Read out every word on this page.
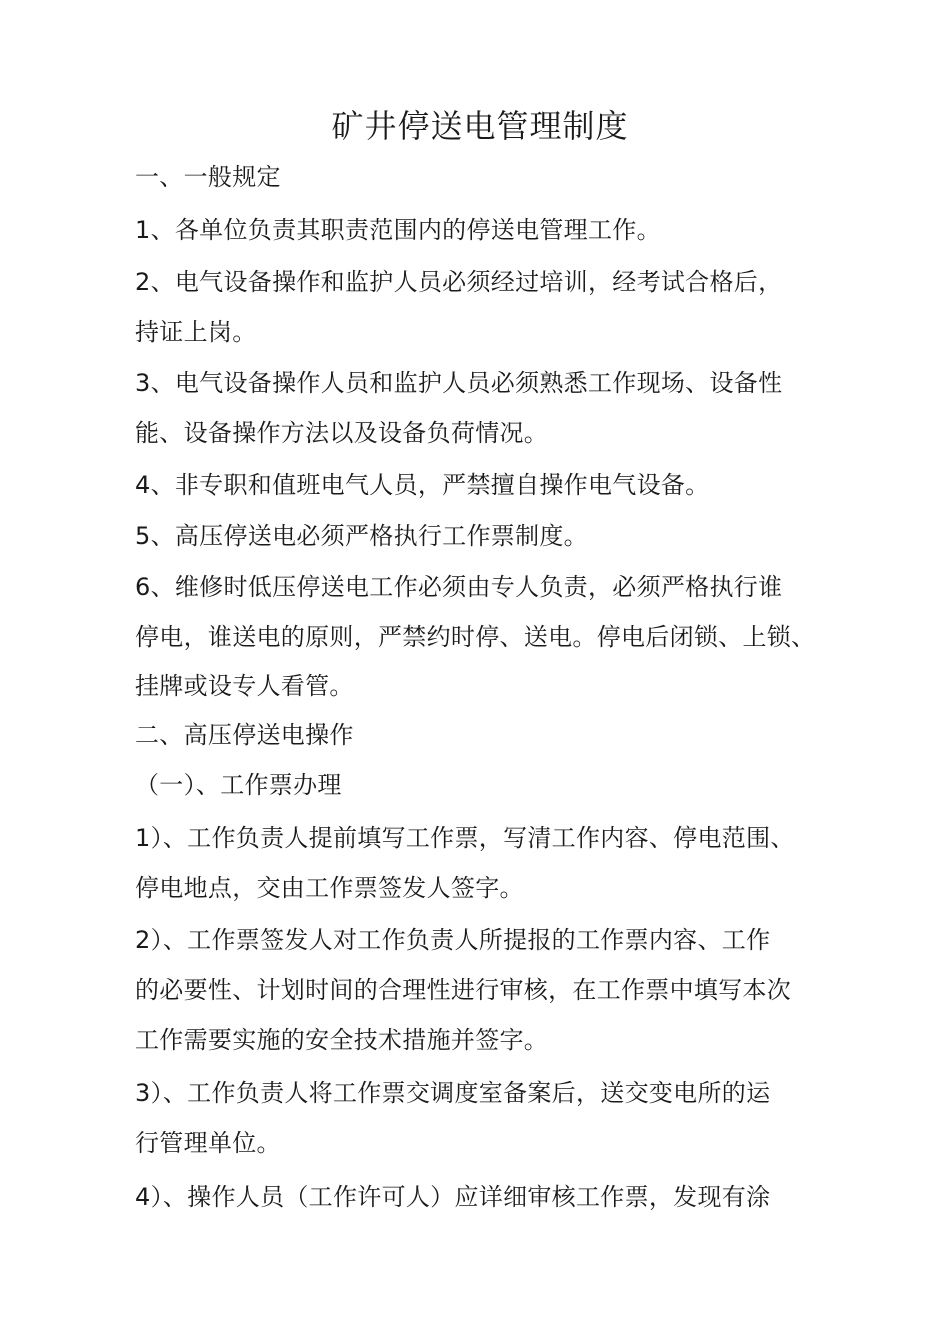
矿井停送电管理制度
一、一般规定
1、各单位负责其职责范围内的停送电管理工作。
2、电气设备操作和监护人员必须经过培训，经考试合格后，
持证上岗。
3、电气设备操作人员和监护人员必须熟悉工作现场、设备性
能、设备操作方法以及设备负荷情况。
4、非专职和值班电气人员，严禁擅自操作电气设备。
5、高压停送电必须严格执行工作票制度。
6、维修时低压停送电工作必须由专人负责，必须严格执行谁
停电，谁送电的原则，严禁约时停、送电。停电后闭锁、上锁、
挂牌或设专人看管。
二、高压停送电操作
（一）、工作票办理
1）、工作负责人提前填写工作票，写清工作内容、停电范围、
停电地点，交由工作票签发人签字。
2）、工作票签发人对工作负责人所提报的工作票内容、工作
的必要性、计划时间的合理性进行审核，在工作票中填写本次
工作需要实施的安全技术措施并签字。
3）、工作负责人将工作票交调度室备案后，送交变电所的运
行管理单位。
4）、操作人员（工作许可人）应详细审核工作票，发现有涂
